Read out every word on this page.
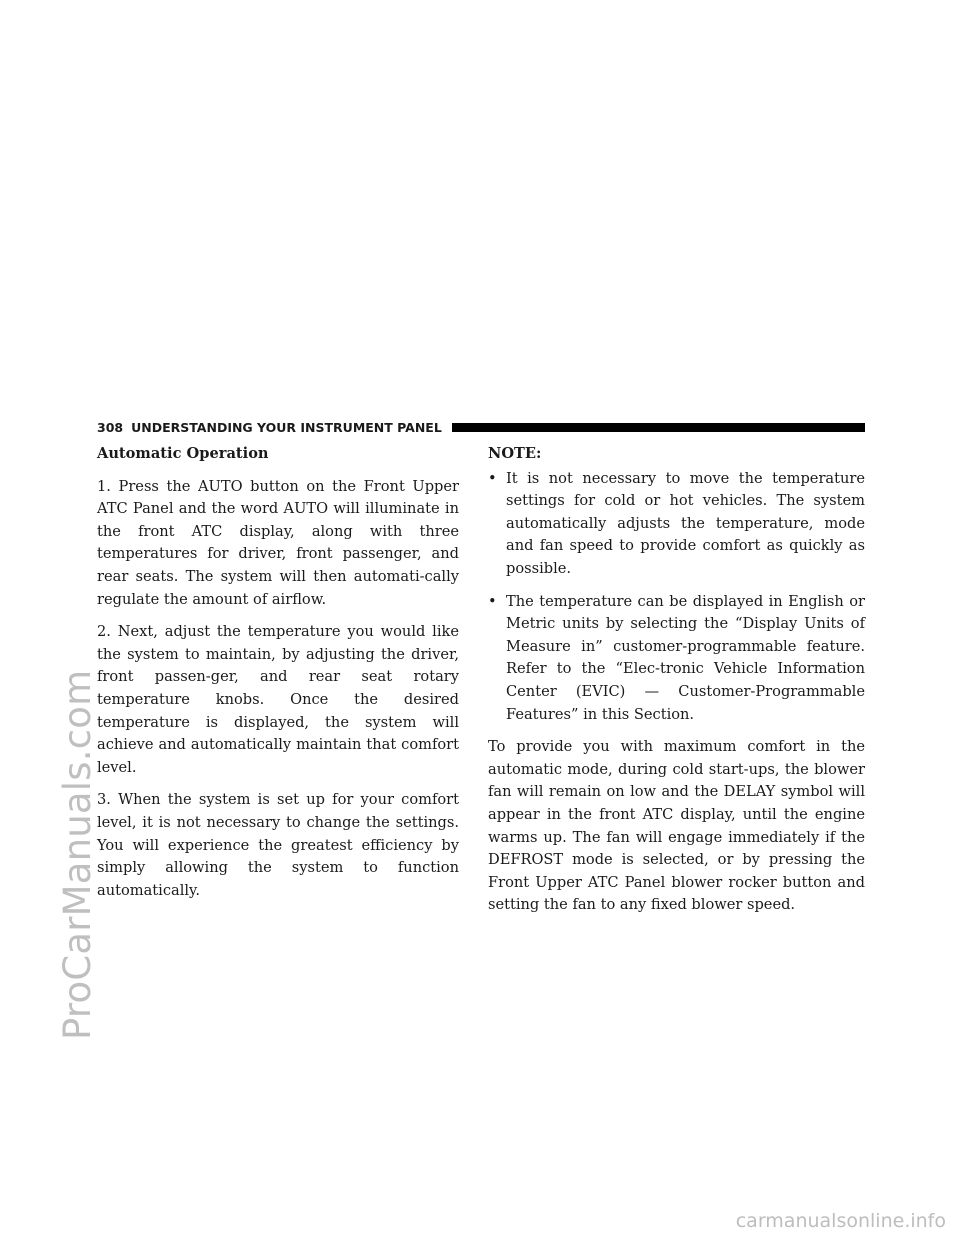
ProCarManuals.com
308 UNDERSTANDING YOUR INSTRUMENT PANEL
Automatic Operation

1. Press the AUTO button on the Front Upper ATC Panel and the word AUTO will illuminate in the front ATC display, along with three temperatures for driver, front passenger, and rear seats. The system will then automati-cally regulate the amount of airflow.

2. Next, adjust the temperature you would like the system to maintain, by adjusting the driver, front passen-ger, and rear seat rotary temperature knobs. Once the desired temperature is displayed, the system will achieve and automatically maintain that comfort level.

3. When the system is set up for your comfort level, it is not necessary to change the settings. You will experience the greatest efficiency by simply allowing the system to function automatically.

NOTE:
• It is not necessary to move the temperature settings for cold or hot vehicles. The system automatically adjusts the temperature, mode and fan speed to provide comfort as quickly as possible.
• The temperature can be displayed in English or Metric units by selecting the “Display Units of Measure in” customer-programmable feature. Refer to the “Elec-tronic Vehicle Information Center (EVIC) — Customer-Programmable Features” in this Section.

To provide you with maximum comfort in the automatic mode, during cold start-ups, the blower fan will remain on low and the DELAY symbol will appear in the front ATC display, until the engine warms up. The fan will engage immediately if the DEFROST mode is selected, or by pressing the Front Upper ATC Panel blower rocker button and setting the fan to any fixed blower speed.

carmanualsonline.info
